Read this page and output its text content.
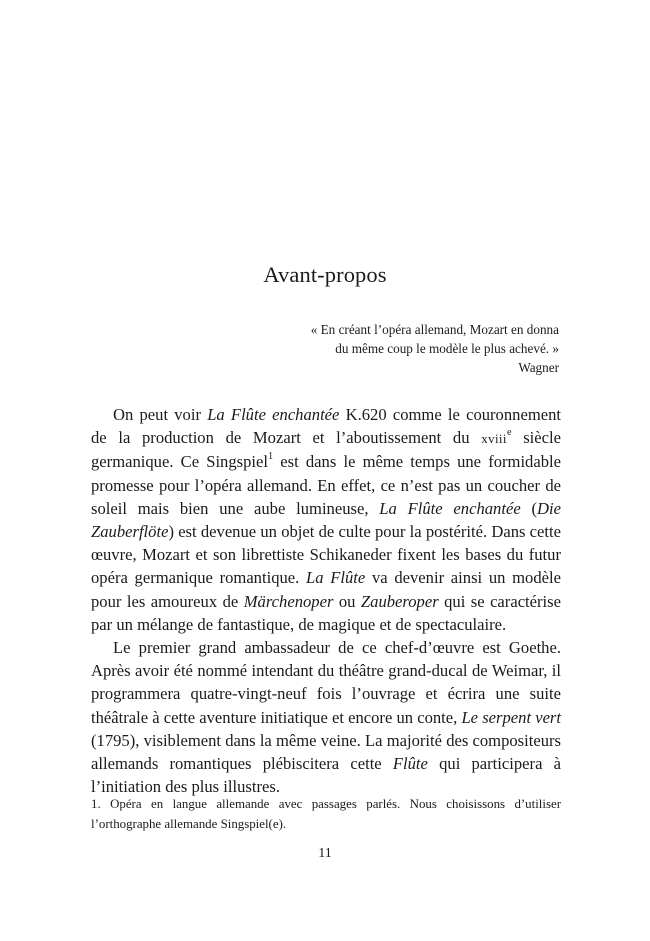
Avant-propos
« En créant l’opéra allemand, Mozart en donna
du même coup le modèle le plus achevé. »
Wagner

On peut voir La Flûte enchantée K.620 comme le couronnement de la production de Mozart et l’aboutissement du xviii$^e$ siècle germanique. Ce Singspiel$^1$ est dans le même temps une formidable promesse pour l’opéra allemand. En effet, ce n’est pas un coucher de soleil mais bien une aube lumineuse, La Flûte enchantée (Die Zauberflöte) est devenue un objet de culte pour la postérité. Dans cette œuvre, Mozart et son librettiste Schikaneder fixent les bases du futur opéra germanique romantique. La Flûte va devenir ainsi un modèle pour les amoureux de Märchenoper ou Zauberoper qui se caractérise par un mélange de fantastique, de magique et de spectaculaire.

Le premier grand ambassadeur de ce chef-d’œuvre est Goethe. Après avoir été nommé intendant du théâtre grand-ducal de Weimar, il programmera quatre-vingt-neuf fois l’ouvrage et écrira une suite théâtrale à cette aventure initiatique et encore un conte, Le serpent vert (1795), visiblement dans la même veine. La majorité des compositeurs allemands romantiques plébiscitera cette Flûte qui participera à l’initiation des plus illustres.

1. Opéra en langue allemande avec passages parlés. Nous choisissons d’utiliser l’orthographe allemande Singspiel(e).
11
